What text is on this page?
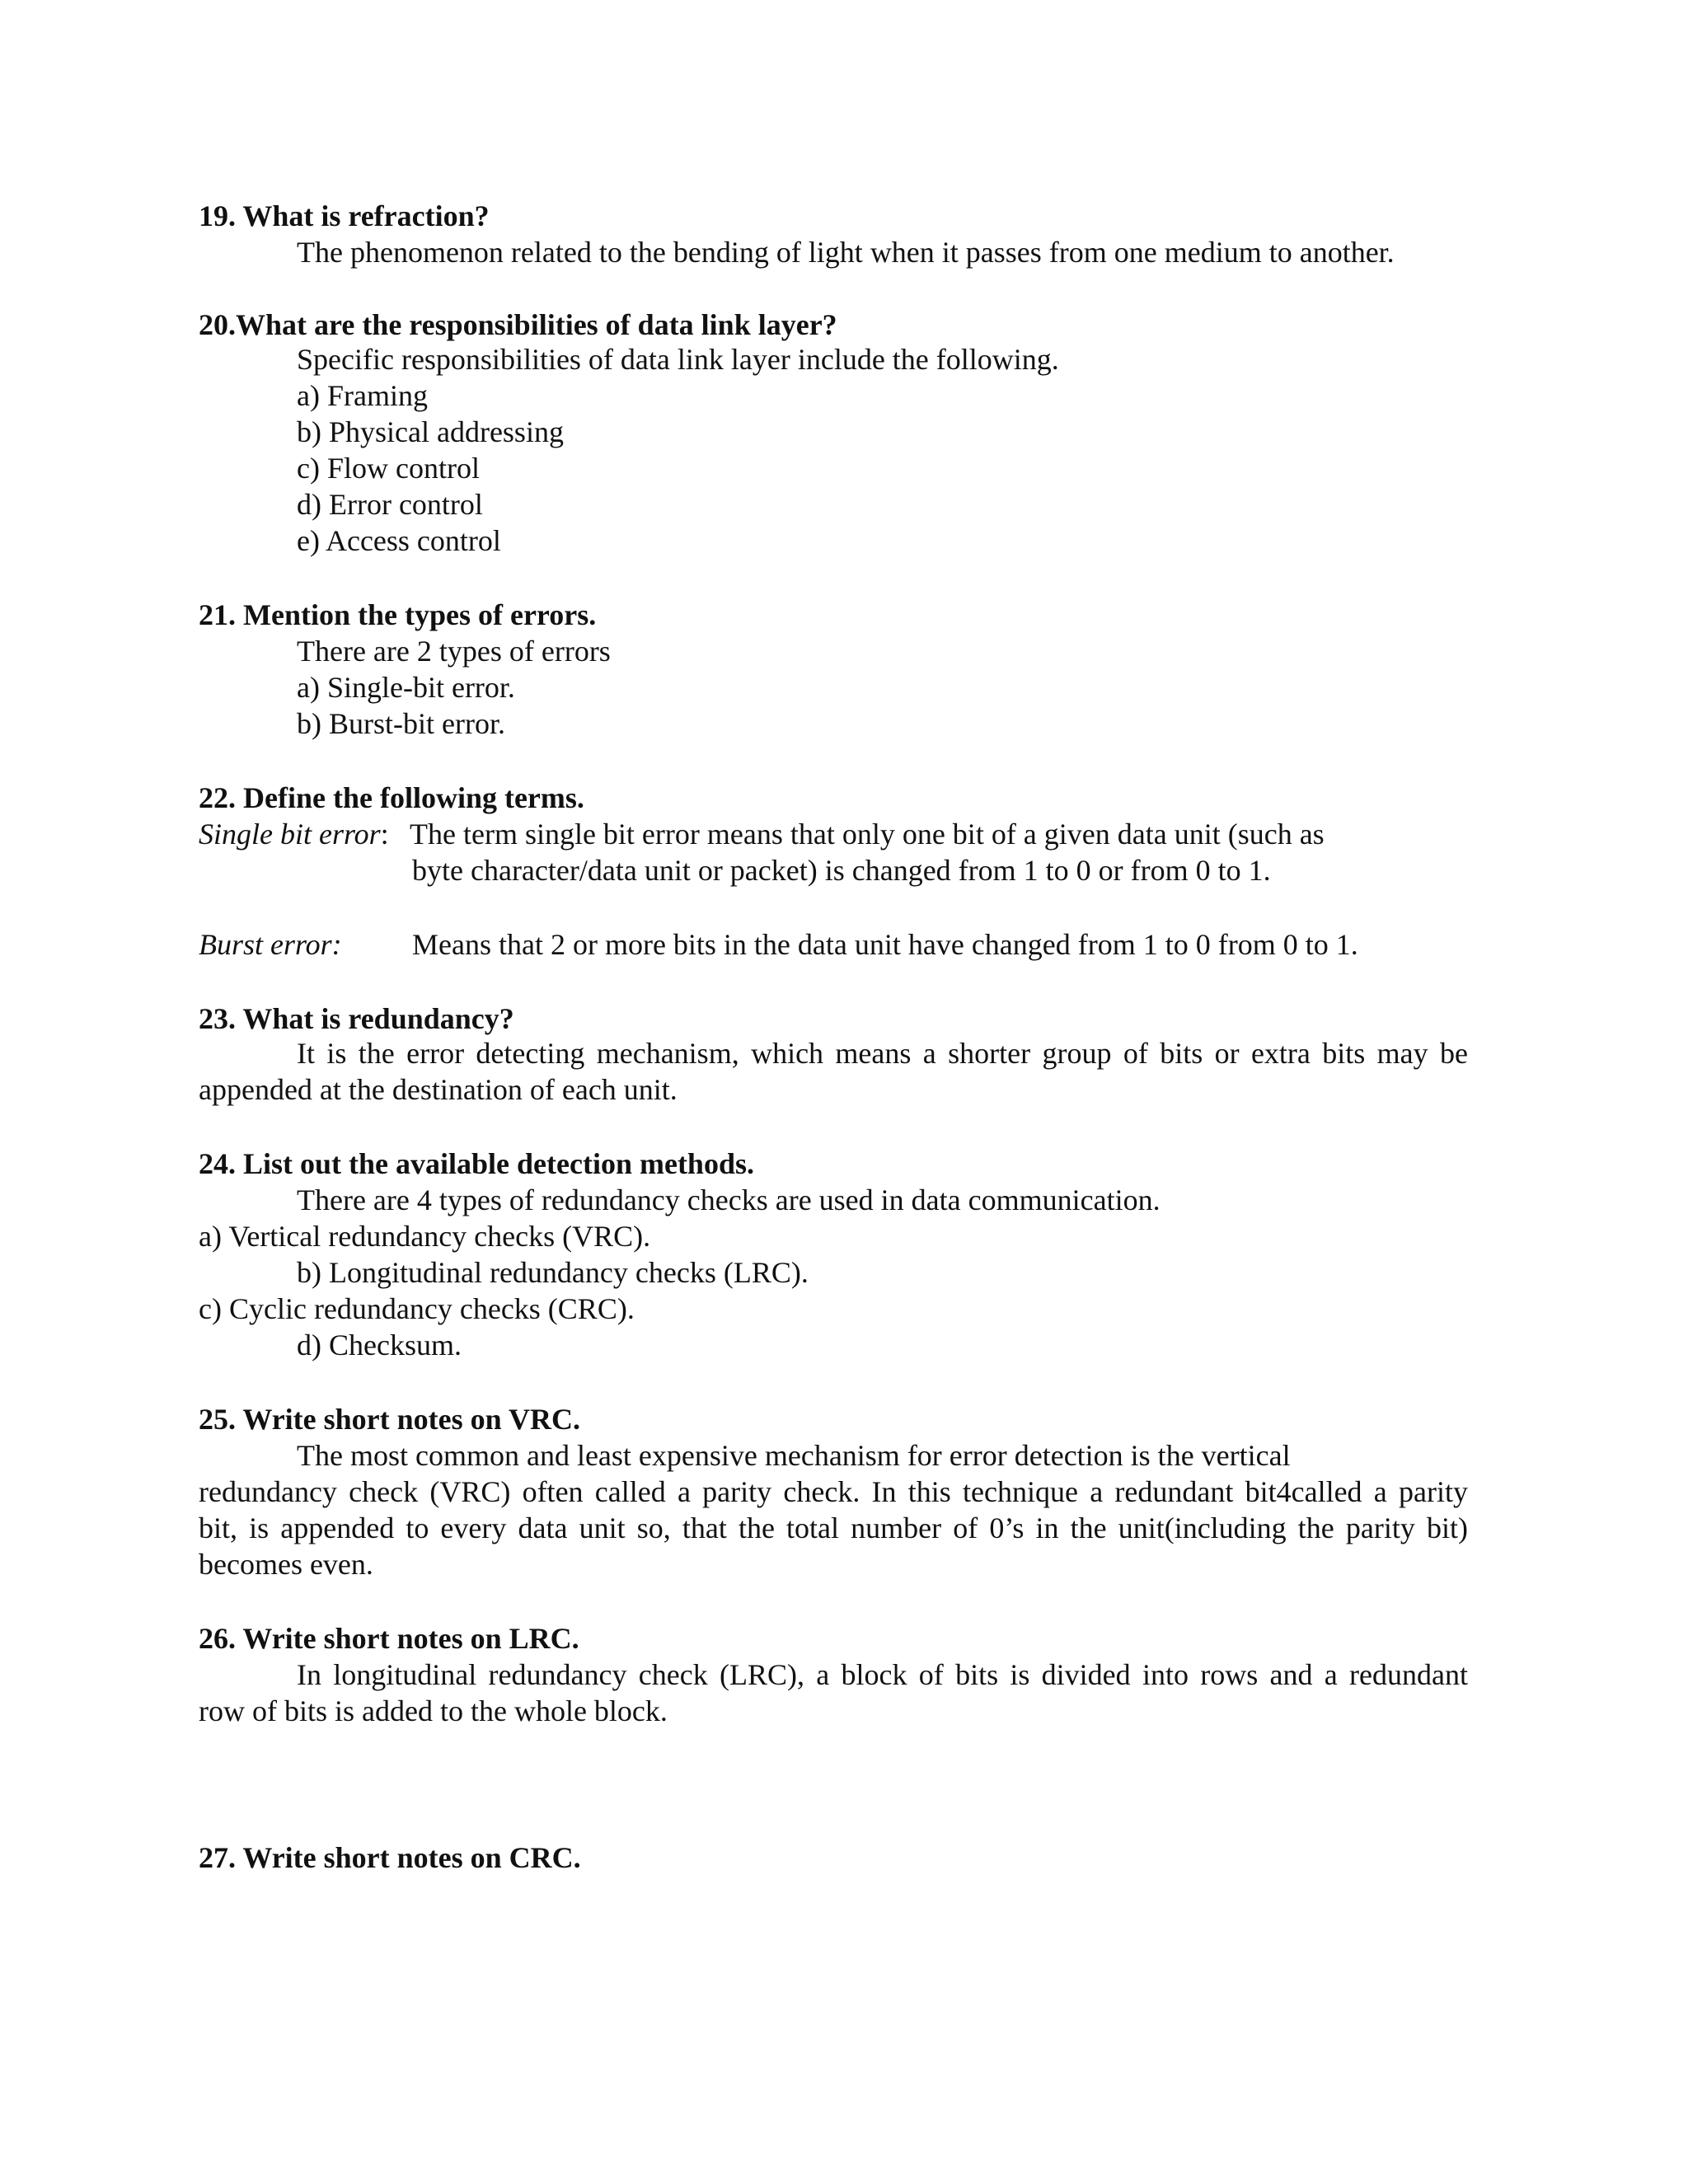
19. What is refraction?
The phenomenon related to the bending of light when it passes from one medium to another.
20.What are the responsibilities of data link layer?
Specific responsibilities of data link layer include the following.
a) Framing
b) Physical addressing
c) Flow control
d) Error control
e) Access control
21. Mention the types of errors.
There are 2 types of errors
a) Single-bit error.
b) Burst-bit error.
22. Define the following terms.
Single bit error: The term single bit error means that only one bit of a given data unit (such as
byte character/data unit or packet) is changed from 1 to 0 or from 0 to 1.
Burst error: Means that 2 or more bits in the data unit have changed from 1 to 0 from 0 to 1.
23. What is redundancy?
It is the error detecting mechanism, which means a shorter group of bits or extra bits may be
appended at the destination of each unit.
24. List out the available detection methods.
There are 4 types of redundancy checks are used in data communication.
a) Vertical redundancy checks (VRC).
b) Longitudinal redundancy checks (LRC).
c) Cyclic redundancy checks (CRC).
d) Checksum.
25. Write short notes on VRC.
The most common and least expensive mechanism for error detection is the vertical
redundancy check (VRC) often called a parity check. In this technique a redundant bit4called a parity
bit, is appended to every data unit so, that the total number of 0’s in the unit(including the parity bit)
becomes even.
26. Write short notes on LRC.
In longitudinal redundancy check (LRC), a block of bits is divided into rows and a redundant
row of bits is added to the whole block.
27. Write short notes on CRC.
